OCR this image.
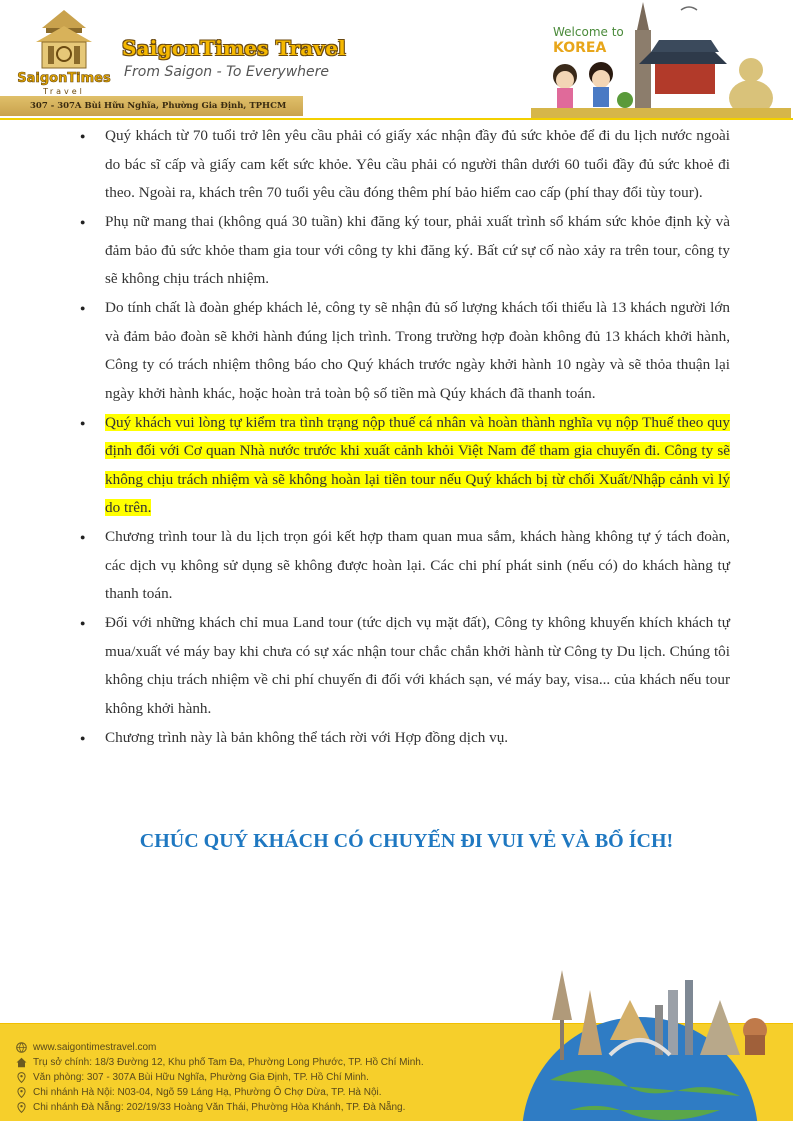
SaigonTimes
Travel
SaigonTimes Travel
From Saigon - To Everywhere
307 - 307A Bùi Hữu Nghĩa, Phường Gia Định, TPHCM
Welcome to
KOREA
● Quý khách từ 70 tuổi trở lên yêu cầu phải có giấy xác nhận đầy đủ sức khỏe để đi du lịch nước ngoài do bác sĩ cấp và giấy cam kết sức khỏe. Yêu cầu phải có người thân dưới 60 tuổi đầy đủ sức khoẻ đi theo. Ngoài ra, khách trên 70 tuổi yêu cầu đóng thêm phí bảo hiểm cao cấp (phí thay đổi tùy tour).
● Phụ nữ mang thai (không quá 30 tuần) khi đăng ký tour, phải xuất trình sổ khám sức khỏe định kỳ và đảm bảo đủ sức khỏe tham gia tour với công ty khi đăng ký. Bất cứ sự cố nào xảy ra trên tour, công ty sẽ không chịu trách nhiệm.
● Do tính chất là đoàn ghép khách lẻ, công ty sẽ nhận đủ số lượng khách tối thiểu là 13 khách người lớn và đảm bảo đoàn sẽ khởi hành đúng lịch trình. Trong trường hợp đoàn không đủ 13 khách khởi hành, Công ty có trách nhiệm thông báo cho Quý khách trước ngày khởi hành 10 ngày và sẽ thỏa thuận lại ngày khởi hành khác, hoặc hoàn trả toàn bộ số tiền mà Qúy khách đã thanh toán.
● Quý khách vui lòng tự kiểm tra tình trạng nộp thuế cá nhân và hoàn thành nghĩa vụ nộp Thuế theo quy định đối với Cơ quan Nhà nước trước khi xuất cảnh khỏi Việt Nam để tham gia chuyến đi. Công ty sẽ không chịu trách nhiệm và sẽ không hoàn lại tiền tour nếu Quý khách bị từ chối Xuất/Nhập cảnh vì lý do trên.
● Chương trình tour là du lịch trọn gói kết hợp tham quan mua sắm, khách hàng không tự ý tách đoàn, các dịch vụ không sử dụng sẽ không được hoàn lại. Các chi phí phát sinh (nếu có) do khách hàng tự thanh toán.
● Đối với những khách chỉ mua Land tour (tức dịch vụ mặt đất), Công ty không khuyến khích khách tự mua/xuất vé máy bay khi chưa có sự xác nhận tour chắc chắn khởi hành từ Công ty Du lịch. Chúng tôi không chịu trách nhiệm về chi phí chuyến đi đối với khách sạn, vé máy bay, visa... của khách nếu tour không khởi hành.
● Chương trình này là bản không thể tách rời với Hợp đồng dịch vụ.
CHÚC QUÝ KHÁCH CÓ CHUYẾN ĐI VUI VẺ VÀ BỔ ÍCH!
www.saigontimestravel.com
Trụ sở chính: 18/3 Đường 12, Khu phố Tam Đa, Phường Long Phước, TP. Hồ Chí Minh.
Văn phòng: 307 - 307A Bùi Hữu Nghĩa, Phường Gia Định, TP. Hồ Chí Minh.
Chi nhánh Hà Nội: N03-04, Ngõ 59 Láng Hạ, Phường Ô Chợ Dừa, TP. Hà Nội.
Chi nhánh Đà Nẵng: 202/19/33 Hoàng Văn Thái, Phường Hòa Khánh, TP. Đà Nẵng.
